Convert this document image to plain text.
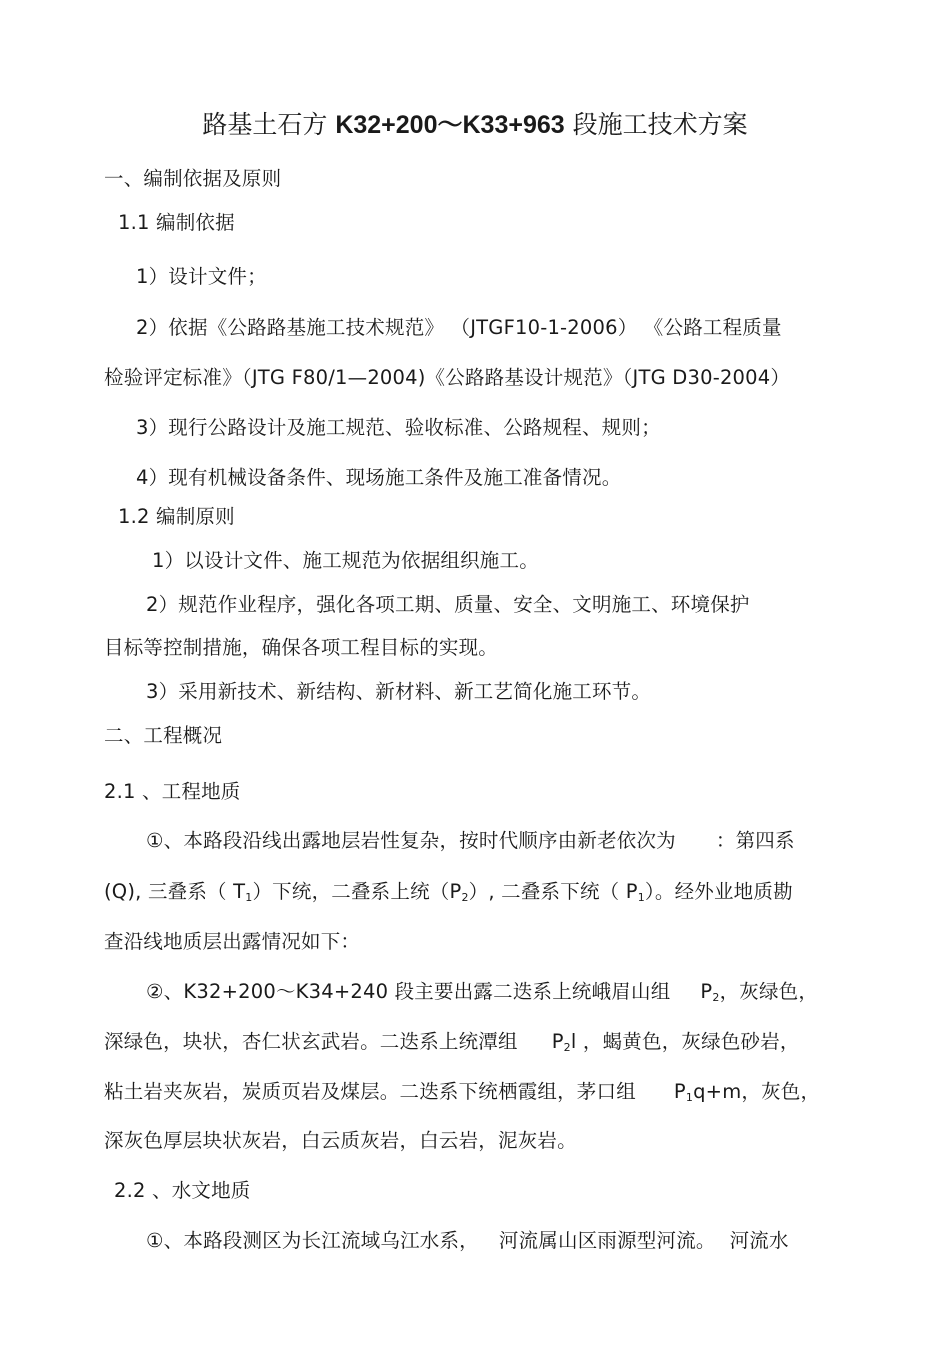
路基土石方 K32+200～K33+963 段施工技术方案
一、编制依据及原则
1.1 编制依据
1）设计文件；
2）依据《公路路基施工技术规范》 （JTGF10-1-2006） 《公路工程质量
检验评定标准》（JTG F80/1—2004)《公路路基设计规范》（JTG D30-2004）
3）现行公路设计及施工规范、验收标准、公路规程、规则；
4）现有机械设备条件、现场施工条件及施工准备情况。
1.2 编制原则
1）以设计文件、施工规范为依据组织施工。
2）规范作业程序，强化各项工期、质量、安全、文明施工、环境保护
目标等控制措施，确保各项工程目标的实现。
3）采用新技术、新结构、新材料、新工艺简化施工环节。
二、工程概况
2.1 、工程地质
①、本路段沿线出露地层岩性复杂，按时代顺序由新老依次为 ：第四系
(Q), 三叠系（ $T_1$）下统，二叠系上统$(P_2)$, 二叠系下统（ $P_1$）。经外业地质勘
查沿线地质层出露情况如下：
②、K32+200～K34+240 段主要出露二迭系上统峨眉山组 $P_2$，灰绿色，
深绿色，块状，杏仁状玄武岩。二迭系上统潭组 $P_2l$ ，蝎黄色，灰绿色砂岩，
粘土岩夹灰岩，炭质页岩及煤层。二迭系下统栖霞组，茅口组 $P_1q+m$，灰色，
深灰色厚层块状灰岩，白云质灰岩，白云岩，泥灰岩。
2.2 、水文地质
①、本路段测区为长江流域乌江水系， 河流属山区雨源型河流。 河流水
